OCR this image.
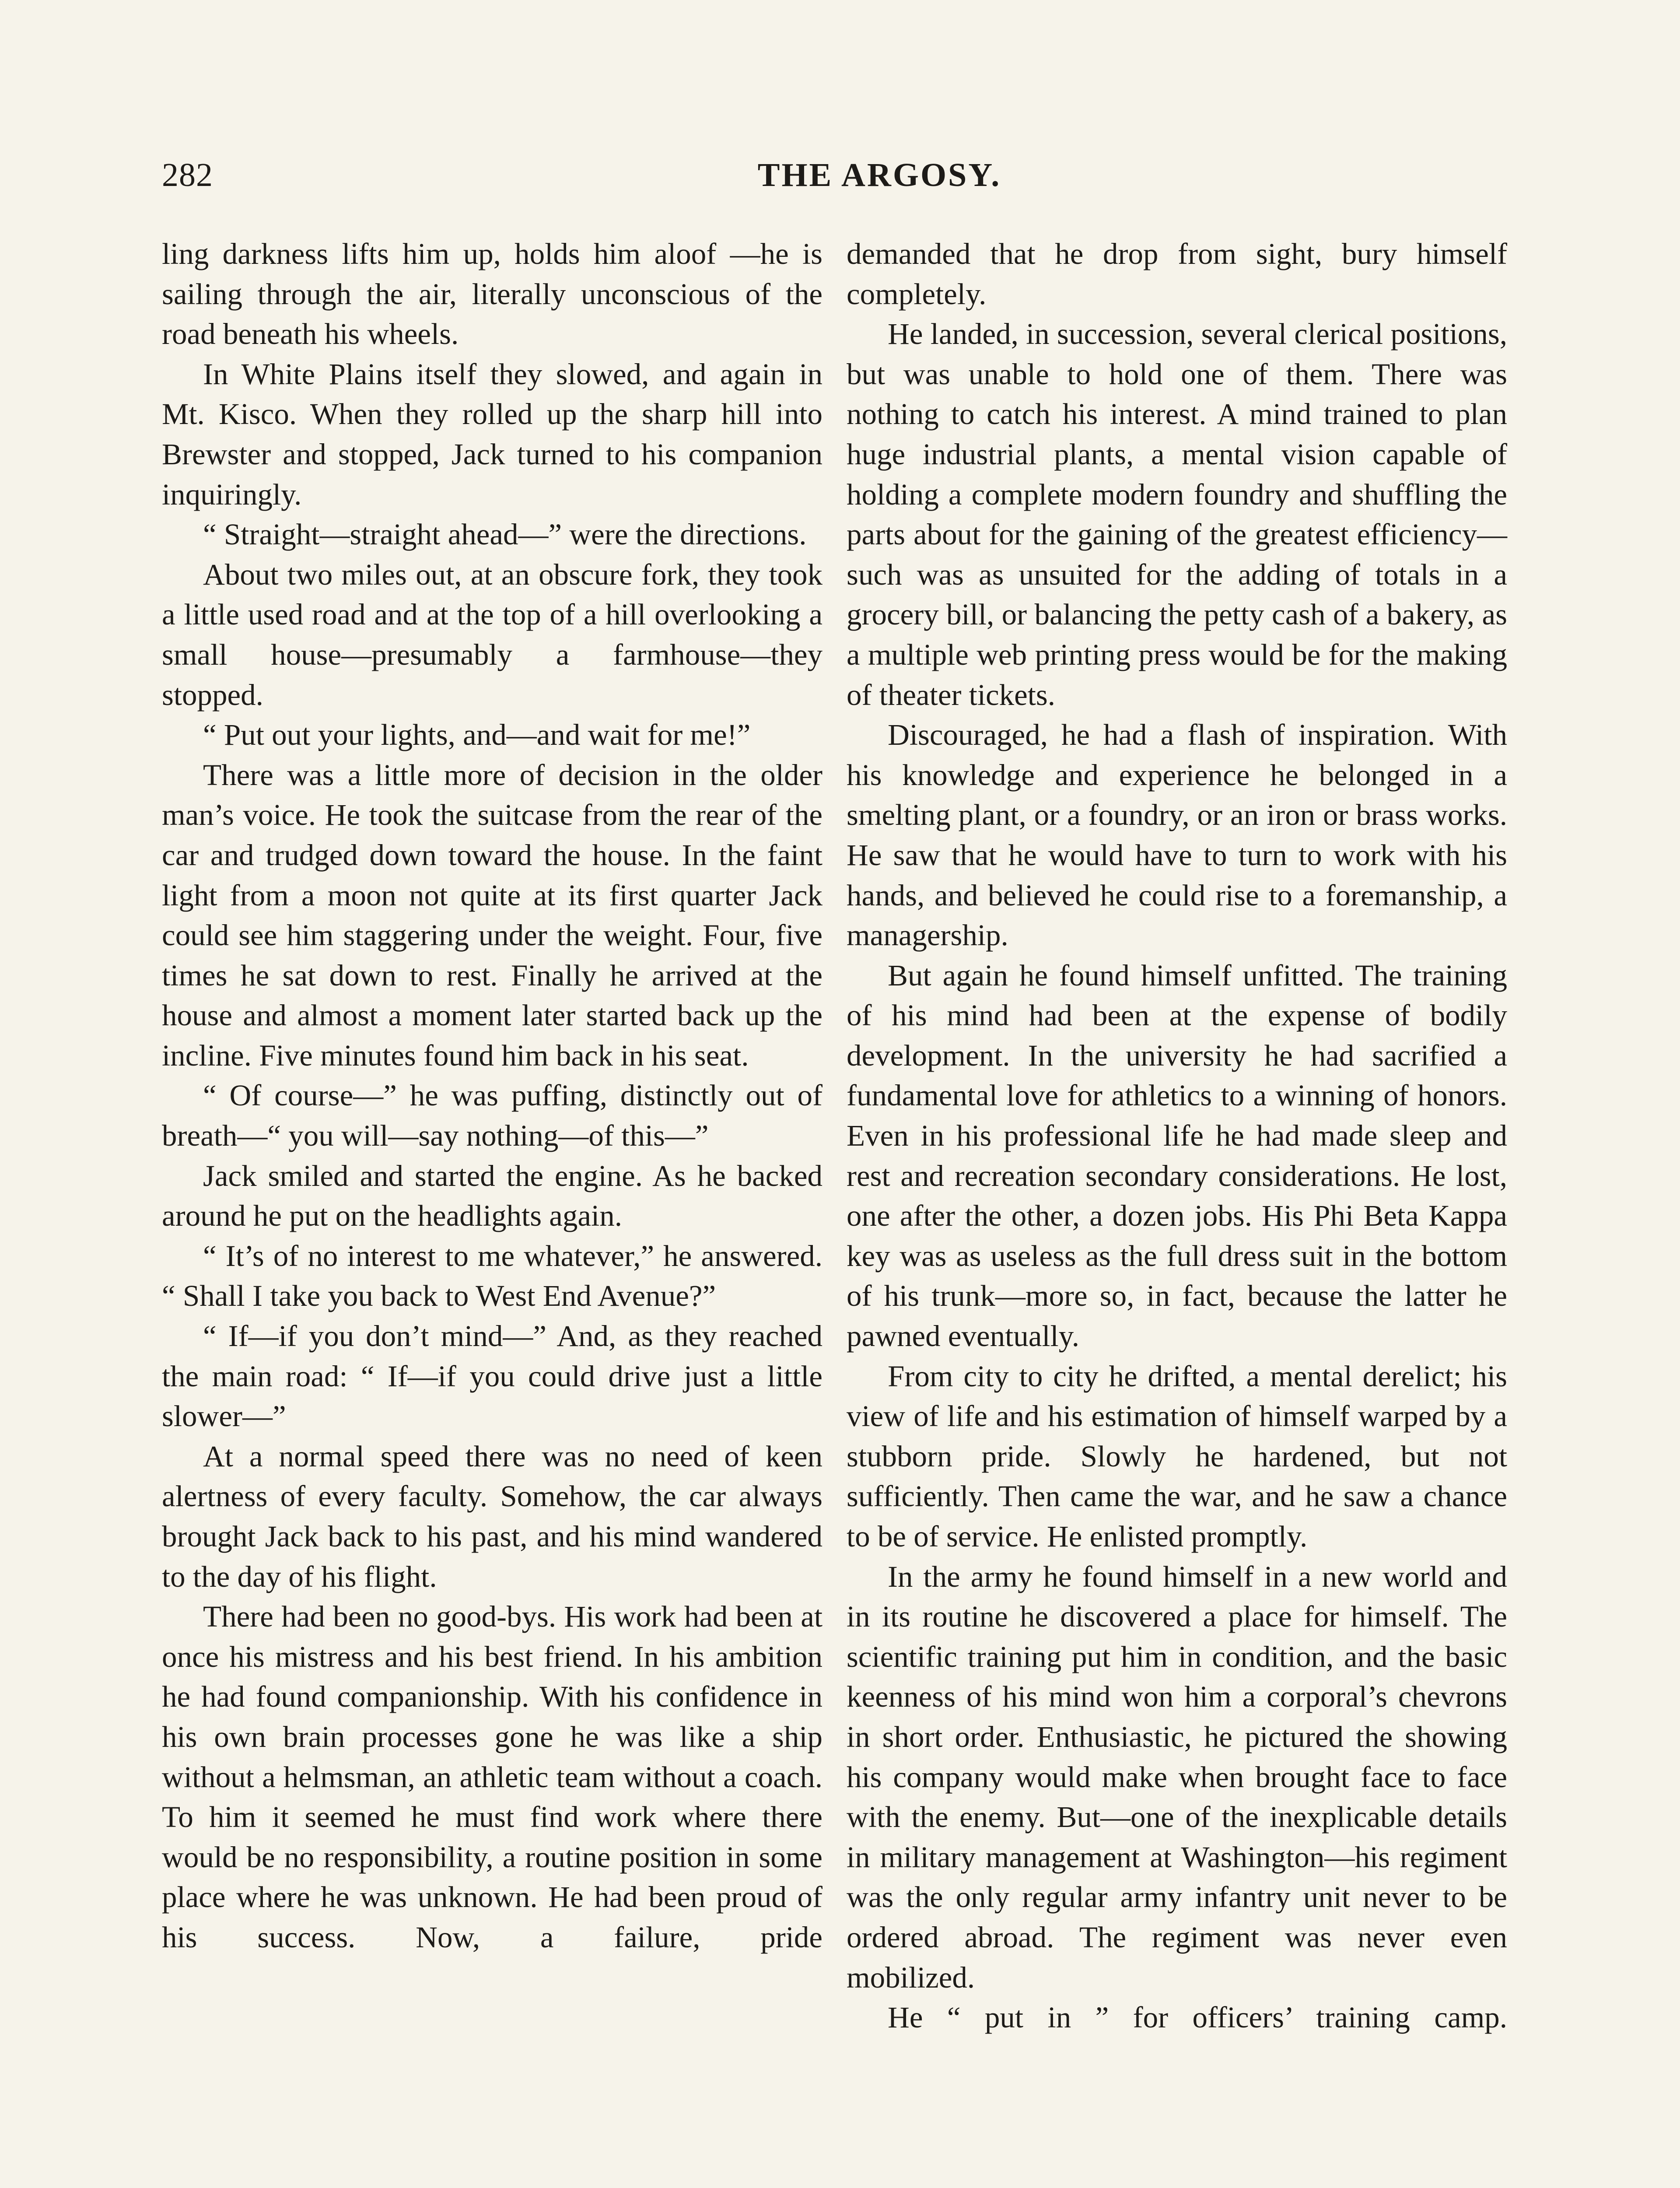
282	THE ARGOSY.

ling darkness lifts him up, holds him aloof —he is sailing through the air, literally unconscious of the road beneath his wheels.

In White Plains itself they slowed, and again in Mt. Kisco. When they rolled up the sharp hill into Brewster and stopped, Jack turned to his companion inquiringly.

“ Straight—straight ahead—” were the directions.

About two miles out, at an obscure fork, they took a little used road and at the top of a hill overlooking a small house—presumably a farmhouse—they stopped.

“ Put out your lights, and—and wait for me!”

There was a little more of decision in the older man’s voice. He took the suitcase from the rear of the car and trudged down toward the house. In the faint light from a moon not quite at its first quarter Jack could see him staggering under the weight. Four, five times he sat down to rest. Finally he arrived at the house and almost a moment later started back up the incline. Five minutes found him back in his seat.

“ Of course—” he was puffing, distinctly out of breath—“ you will—say nothing—of this—”

Jack smiled and started the engine. As he backed around he put on the headlights again.

“ It’s of no interest to me whatever,” he answered. “ Shall I take you back to West End Avenue?”

“ If—if you don’t mind—” And, as they reached the main road: “ If—if you could drive just a little slower—”

At a normal speed there was no need of keen alertness of every faculty. Somehow, the car always brought Jack back to his past, and his mind wandered to the day of his flight.

There had been no good-bys. His work had been at once his mistress and his best friend. In his ambition he had found companionship. With his confidence in his own brain processes gone he was like a ship without a helmsman, an athletic team without a coach. To him it seemed he must find work where there would be no responsibility, a routine position in some place where he was unknown. He had been proud of his success. Now, a failure, pride

demanded that he drop from sight, bury himself completely.

He landed, in succession, several clerical positions, but was unable to hold one of them. There was nothing to catch his interest. A mind trained to plan huge industrial plants, a mental vision capable of holding a complete modern foundry and shuffling the parts about for the gaining of the greatest efficiency—such was as unsuited for the adding of totals in a grocery bill, or balancing the petty cash of a bakery, as a multiple web printing press would be for the making of theater tickets.

Discouraged, he had a flash of inspiration. With his knowledge and experience he belonged in a smelting plant, or a foundry, or an iron or brass works. He saw that he would have to turn to work with his hands, and believed he could rise to a foremanship, a managership.

But again he found himself unfitted. The training of his mind had been at the expense of bodily development. In the university he had sacrified a fundamental love for athletics to a winning of honors. Even in his professional life he had made sleep and rest and recreation secondary considerations. He lost, one after the other, a dozen jobs. His Phi Beta Kappa key was as useless as the full dress suit in the bottom of his trunk—more so, in fact, because the latter he pawned eventually.

From city to city he drifted, a mental derelict; his view of life and his estimation of himself warped by a stubborn pride. Slowly he hardened, but not sufficiently. Then came the war, and he saw a chance to be of service. He enlisted promptly.

In the army he found himself in a new world and in its routine he discovered a place for himself. The scientific training put him in condition, and the basic keenness of his mind won him a corporal’s chevrons in short order. Enthusiastic, he pictured the showing his company would make when brought face to face with the enemy. But—one of the inexplicable details in military management at Washington—his regiment was the only regular army infantry unit never to be ordered abroad. The regiment was never even mobilized.

He “ put in ” for officers’ training camp.
